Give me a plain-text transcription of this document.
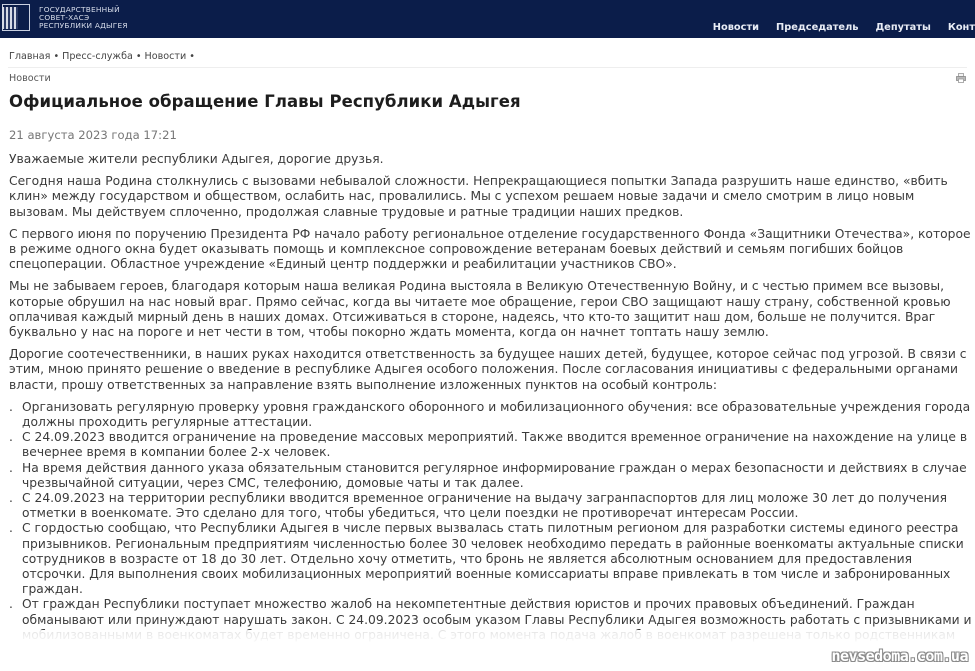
ГОСУДАРСТВЕННЫЙ
СОВЕТ-ХАСЭ
РЕСПУБЛИКИ АДЫГЕЯ	Новости Председатель Депутаты Конт
Главная • Пресс-служба • Новости •
Новости
Официальное обращение Главы Республики Адыгея
21 августа 2023 года 17:21

Уважаемые жители республики Адыгея, дорогие друзья.

Сегодня наша Родина столкнулись с вызовами небывалой сложности. Непрекращающиеся попытки Запада разрушить наше единство, «вбить клин» между государством и обществом, ослабить нас, провалились. Мы с успехом решаем новые задачи и смело смотрим в лицо новым вызовам. Мы действуем сплоченно, продолжая славные трудовые и ратные традиции наших предков.

С первого июня по поручению Президента РФ начало работу региональное отделение государственного Фонда «Защитники Отечества», которое в режиме одного окна будет оказывать помощь и комплексное сопровождение ветеранам боевых действий и семьям погибших бойцов спецоперации. Областное учреждение «Единый центр поддержки и реабилитации участников СВО».

Мы не забываем героев, благодаря которым наша великая Родина выстояла в Великую Отечественную Войну, и с честью примем все вызовы, которые обрушил на нас новый враг. Прямо сейчас, когда вы читаете мое обращение, герои СВО защищают нашу страну, собственной кровью оплачивая каждый мирный день в наших домах. Отсиживаться в стороне, надеясь, что кто-то защитит наш дом, больше не получится. Враг буквально у нас на пороге и нет чести в том, чтобы покорно ждать момента, когда он начнет топтать нашу землю.

Дорогие соотечественники, в наших руках находится ответственность за будущее наших детей, будущее, которое сейчас под угрозой. В связи с этим, мною принято решение о введение в республике Адыгея особого положения. После согласования инициативы с федеральными органами власти, прошу ответственных за направление взять выполнение изложенных пунктов на особый контроль:

. Организовать регулярную проверку уровня гражданского оборонного и мобилизационного обучения: все образовательные учреждения города должны проходить регулярные аттестации.
. С 24.09.2023 вводится ограничение на проведение массовых мероприятий. Также вводится временное ограничение на нахождение на улице в вечернее время в компании более 2-х человек.
. На время действия данного указа обязательным становится регулярное информирование граждан о мерах безопасности и действиях в случае чрезвычайной ситуации, через СМС, телефонию, домовые чаты и так далее.
. С 24.09.2023 на территории республики вводится временное ограничение на выдачу загранпаспортов для лиц моложе 30 лет до получения отметки в военкомате. Это сделано для того, чтобы убедиться, что цели поездки не противоречат интересам России.
. С гордостью сообщаю, что Республики Адыгея в числе первых вызвалась стать пилотным регионом для разработки системы единого реестра призывников. Региональным предприятиям численностью более 30 человек необходимо передать в районные военкоматы актуальные списки сотрудников в возрасте от 18 до 30 лет. Отдельно хочу отметить, что бронь не является абсолютным основанием для предоставления отсрочки. Для выполнения своих мобилизационных мероприятий военные комиссариаты вправе привлекать в том числе и забронированных граждан.
. От граждан Республики поступает множество жалоб на некомпетентные действия юристов и прочих правовых объединений. Граждан обманывают или принуждают нарушать закон. С 24.09.2023 особым указом Главы Республики Адыгея возможность работать с призывниками и
nevsedoma.com.ua
